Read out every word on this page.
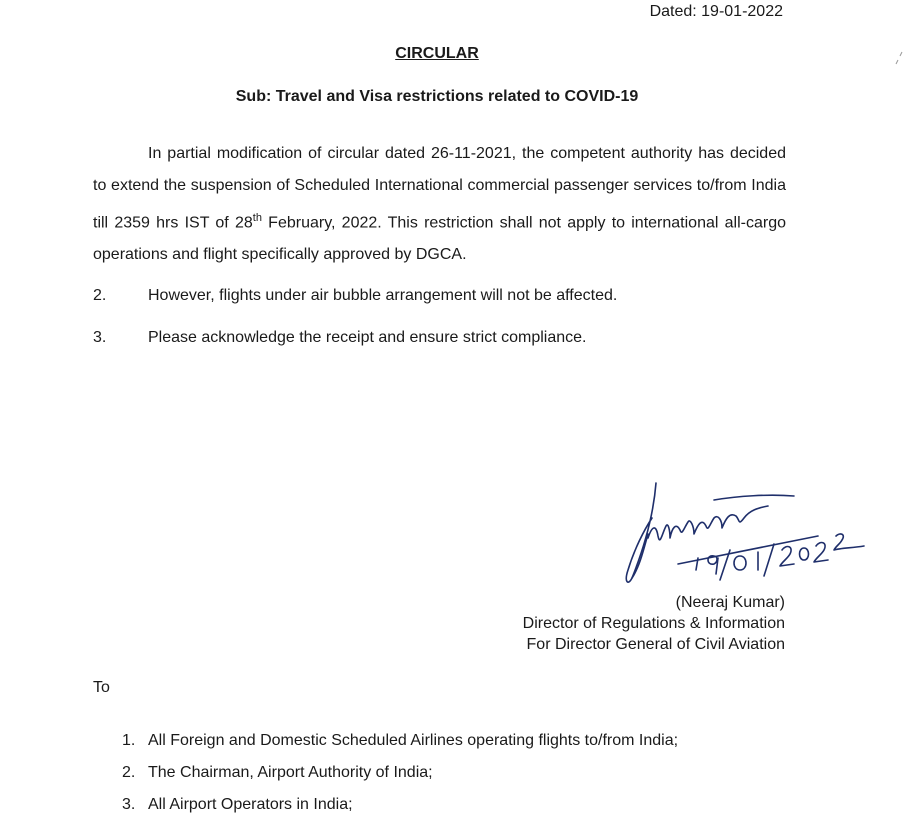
Dated: 19-01-2022
CIRCULAR
Sub: Travel and Visa restrictions related to COVID-19
In partial modification of circular dated 26-11-2021, the competent authority has decided to extend the suspension of Scheduled International commercial passenger services to/from India till 2359 hrs IST of 28th February, 2022. This restriction shall not apply to international all-cargo operations and flight specifically approved by DGCA.
2.	However, flights under air bubble arrangement will not be affected.
3.	Please acknowledge the receipt and ensure strict compliance.
(Neeraj Kumar)
Director of Regulations & Information
For Director General of Civil Aviation
To
1. All Foreign and Domestic Scheduled Airlines operating flights to/from India;
2. The Chairman, Airport Authority of India;
3. All Airport Operators in India;
